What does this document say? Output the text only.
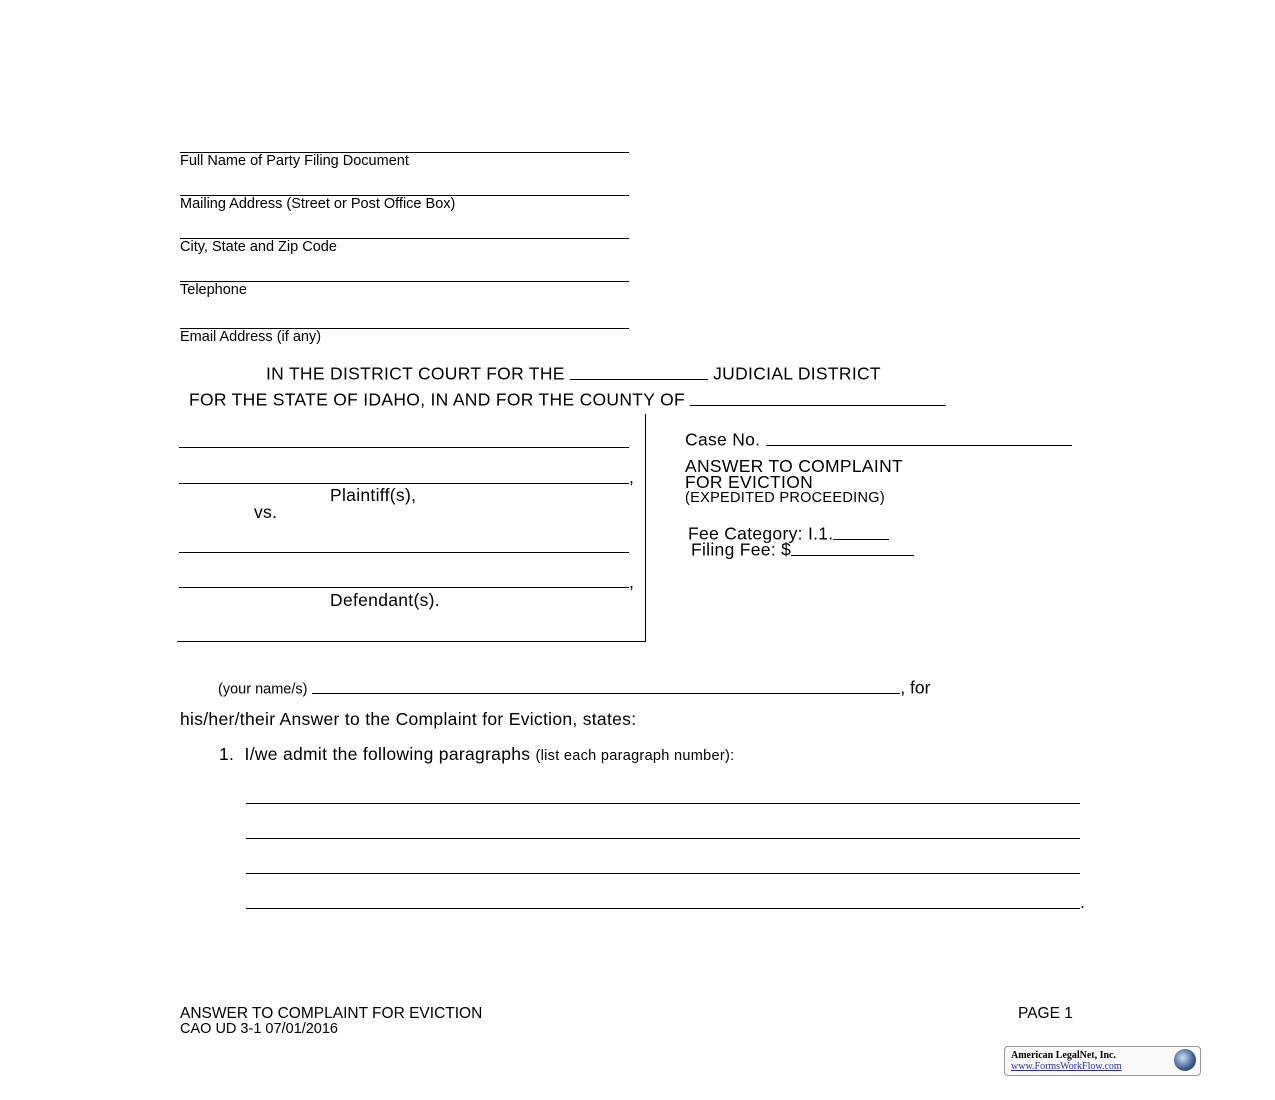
Full Name of Party Filing Document
Mailing Address (Street or Post Office Box)
City, State and Zip Code
Telephone
Email Address (if any)
IN THE DISTRICT COURT FOR THE	JUDICIAL DISTRICT
FOR THE STATE OF IDAHO, IN AND FOR THE COUNTY OF
,
Plaintiff(s),
vs.
,
Defendant(s).
Case No.
ANSWER TO COMPLAINT
FOR EVICTION
(EXPEDITED PROCEEDING)
Fee Category: I.1.
Filing Fee: $
(your name/s)	, for
his/her/their Answer to the Complaint for Eviction, states:
1. I/we admit the following paragraphs (list each paragraph number):
.
ANSWER TO COMPLAINT FOR EVICTION
CAO UD 3-1 07/01/2016
PAGE 1
American LegalNet, Inc.
www.FormsWorkFlow.com
